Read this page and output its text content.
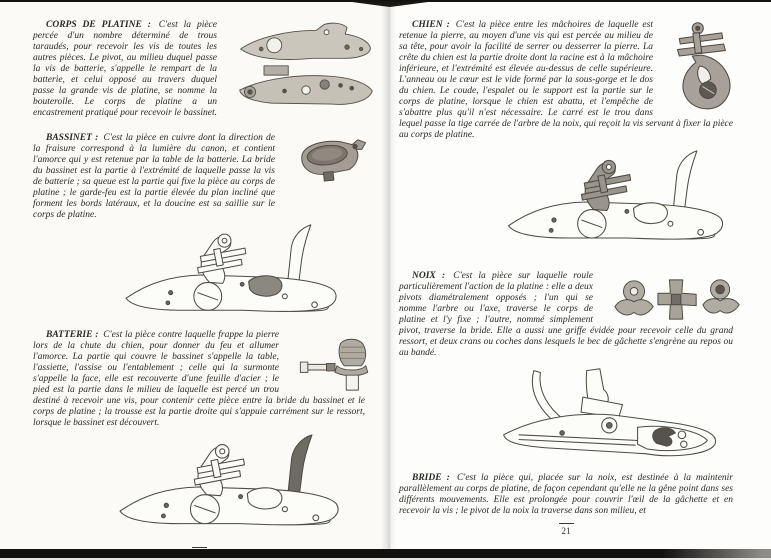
CORPS DE PLATINE : C'est la pièce percée d'un nombre déterminé de trous taraudés, pour recevoir les vis de toutes les autres pièces. Le pivot, au milieu duquel passe la vis de batterie, s'appelle le rempart de la batterie, et celui opposé au travers duquel passe la grande vis de platine, se nomme la bouterolle. Le corps de platine a un encastrement pratiqué pour recevoir le bassinet.
BASSINET : C'est la pièce en cuivre dont la direction de la fraisure correspond à la lumière du canon, et contient l'amorce qui y est retenue par la table de la batterie. La bride du bassinet est la partie à l'extrémité de laquelle passe la vis de batterie ; sa queue est la partie qui fixe la pièce au corps de platine ; le garde-feu est la partie élevée du plan incliné que forment les bords latéraux, et la doucine est sa saillie sur le corps de platine.
BATTERIE : C'est la pièce contre laquelle frappe la pierre lors de la chute du chien, pour donner du feu et allumer l'amorce. La partie qui couvre le bassinet s'appelle la table, l'assiette, l'assise ou l'entablement ; celle qui la surmonte s'appelle la face, elle est recouverte d'une feuille d'acier ; le pied est la partie dans le milieu de laquelle est percé un trou destiné à recevoir une vis, pour contenir cette pièce entre la bride du bassinet et le corps de platine ; la trousse est la partie droite qui s'appuie carrément sur le ressort, lorsque le bassinet est découvert.
CHIEN : C'est la pièce entre les mâchoires de laquelle est retenue la pierre, au moyen d'une vis qui est percée au milieu de sa tête, pour avoir la facilité de serrer ou desserrer la pierre. La crête du chien est la partie droite dont la racine est à la mâchoire inférieure, et l'extrémité est élevée au-dessus de celle supérieure. L'anneau ou le cœur est le vide formé par la sous-gorge et le dos du chien. Le coude, l'espalet ou le support est la partie sur le corps de platine, lorsque le chien est abattu, et l'empêche de s'abattre plus qu'il n'est nécessaire. Le carré est le trou dans lequel passe la tige carrée de l'arbre de la noix, qui reçoit la vis servant à fixer la pièce au corps de platine.
NOIX : C'est la pièce sur laquelle roule particulièrement l'action de la platine : elle a deux pivots diamétralement opposés ; l'un qui se nomme l'arbre ou l'axe, traverse le corps de platine et l'y fixe ; l'autre, nommé simplement pivot, traverse la bride. Elle a aussi une griffe évidée pour recevoir celle du grand ressort, et deux crans ou coches dans lesquels le bec de gâchette s'engrène au repos ou au bandé.
BRIDE : C'est la pièce qui, placée sur la noix, est destinée à la maintenir parallèlement au corps de platine, de façon cependant qu'elle ne la gêne point dans ses différents mouvements. Elle est prolongée pour couvrir l'œil de la gâchette et en recevoir la vis ; le pivot de la noix la traverse dans son milieu, et
21
